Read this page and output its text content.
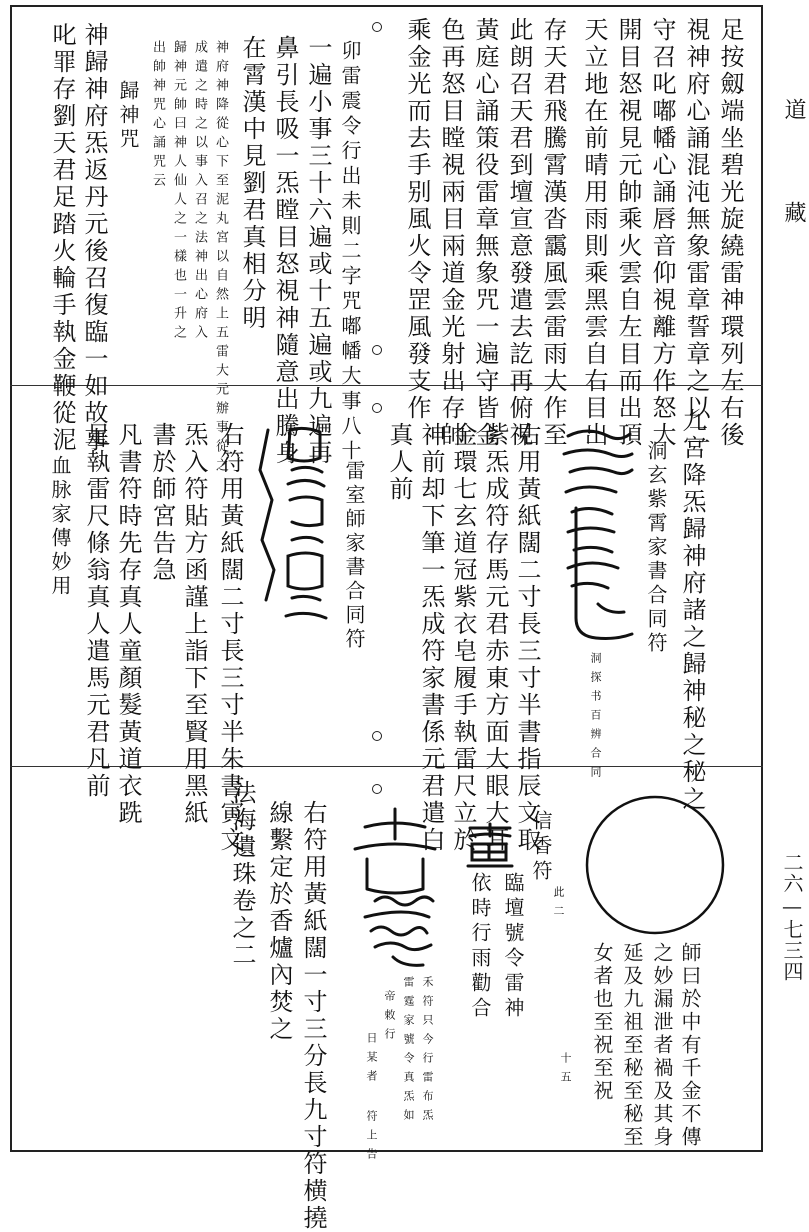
道 藏
二六—七三四
足按劔端坐碧光旋繞雷神環列左右後
視神府心誦混沌無象雷章誓章之以二
守召叱嘟幡心誦唇音仰視離方作怒大
開目怒視見元帥乘火雲自左目而出頂
天立地在前晴用雨則乘黑雲自右目出
存天君飛騰霄漢沓靄風雲雷雨大作至
此朗召天君到壇宣意發遣去訖再俯視
黃庭心誦策役雷章無象咒一遍守皆金
色再怒目瞠視兩目兩道金光射出存帥
乘金光而去手别風火令罡風發支作
卯雷震令行出未則二字咒嘟幡大事八十
一遍小事三十六遍或十五遍或九遍再
鼻引長吸一炁瞠目怒視神隨意出騰身
在霄漢中見劉君真相分明
神府神降從心下至泥丸宮以自然上五雷大元辦事從之
成遣之時之以事入召之法神出心府入
歸神元帥曰神人仙人之一樣也一升之
出帥神咒心誦咒云
歸神咒
神歸神府炁返丹元後召復臨一如故事
叱罪存劉天君足踏火輪手執金鞭從泥
九宮降炁歸神府諸之歸神秘之秘之
洞玄紫霄家書合同符
洞探书百辨合同
右用黃紙闊二寸長三寸半書指辰文取
紫炁成符存馬元君赤東方面大眼大耳
金環七玄道冠紫衣皂履手執雷尺立於
神前却下筆一炁成符家書係元君遣白
真人前
雷室師家書合同符
右符用黃紙闊二寸長三寸半朱書寅文
炁入符貼方函謹上詣下至賢用黑紙
書於師宮告急
凡書符時先存真人童顏髮黃道衣跣
足執雷尺條翁真人遣馬元君凡前
血脉家傳妙用
師曰於中有千金不傳
之妙漏泄者禍及其身
延及九祖至秘至秘至
女者也至祝至祝
十五
信香符
此二
臨壇號令雷神
依時行雨勸合
禾符只今行雷布炁
雷霆家號令真炁如
帝敕行
日某者 符上告
右符用黃紙闊一寸三分長九寸符横撓
線繫定於香爐內焚之
法海遺珠卷之二
